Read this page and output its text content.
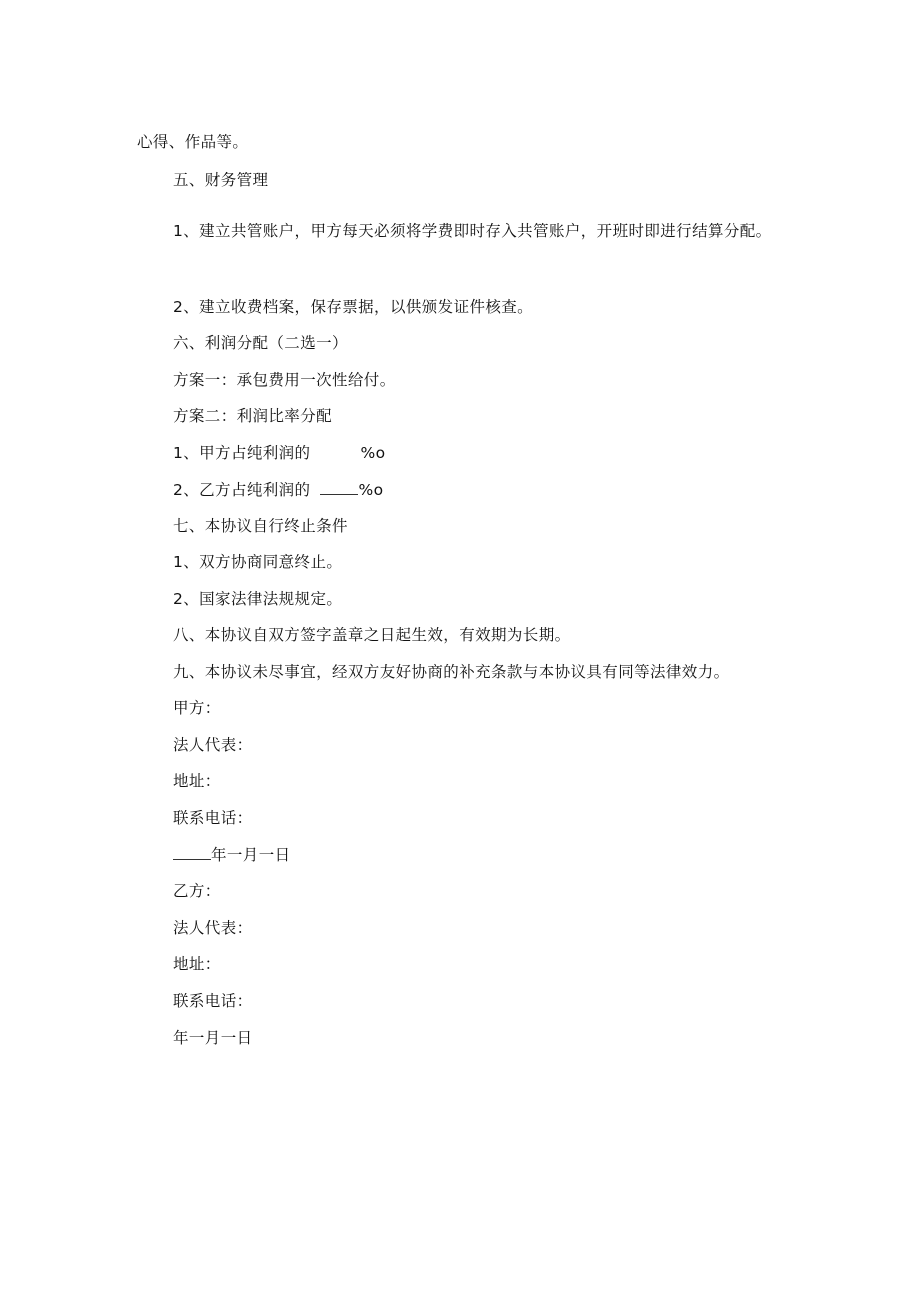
心得、作品等。
五、财务管理
1、建立共管账户，甲方每天必须将学费即时存入共管账户，开班时即进行结算分配。
2、建立收费档案，保存票据，以供颁发证件核查。
六、利润分配（二选一）
方案一：承包费用一次性给付。
方案二：利润比率分配
1、甲方占纯利润的	%o
2、乙方占纯利润的	%o
七、本协议自行终止条件
1、双方协商同意终止。
2、国家法律法规规定。
八、本协议自双方签字盖章之日起生效，有效期为长期。
九、本协议未尽事宜，经双方友好协商的补充条款与本协议具有同等法律效力。
甲方：
法人代表：
地址：
联系电话：
年一月一日
乙方：
法人代表：
地址：
联系电话：
年一月一日
